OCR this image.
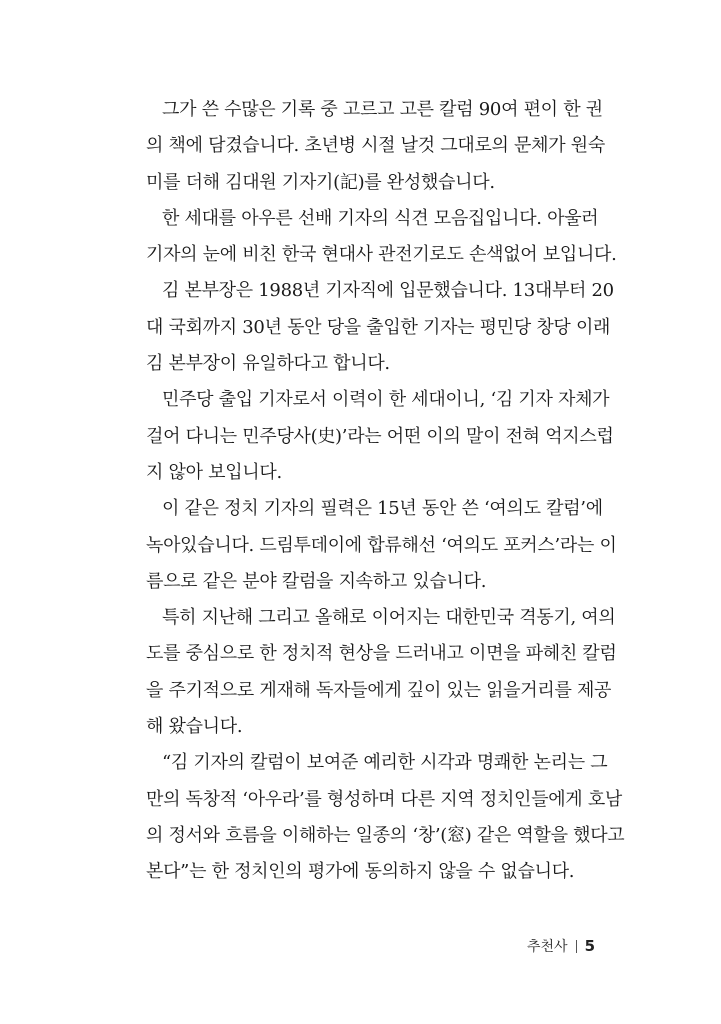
그가 쓴 수많은 기록 중 고르고 고른 칼럼 90여 편이 한 권
의 책에 담겼습니다. 초년병 시절 날것 그대로의 문체가 원숙
미를 더해 김대원 기자기(記)를 완성했습니다.
한 세대를 아우른 선배 기자의 식견 모음집입니다. 아울러
기자의 눈에 비친 한국 현대사 관전기로도 손색없어 보입니다.
김 본부장은 1988년 기자직에 입문했습니다. 13대부터 20
대 국회까지 30년 동안 당을 출입한 기자는 평민당 창당 이래
김 본부장이 유일하다고 합니다.
민주당 출입 기자로서 이력이 한 세대이니, ‘김 기자 자체가
걸어 다니는 민주당사(史)’라는 어떤 이의 말이 전혀 억지스럽
지 않아 보입니다.
이 같은 정치 기자의 필력은 15년 동안 쓴 ‘여의도 칼럼’에
녹아있습니다. 드림투데이에 합류해선 ‘여의도 포커스’라는 이
름으로 같은 분야 칼럼을 지속하고 있습니다.
특히 지난해 그리고 올해로 이어지는 대한민국 격동기, 여의
도를 중심으로 한 정치적 현상을 드러내고 이면을 파헤친 칼럼
을 주기적으로 게재해 독자들에게 깊이 있는 읽을거리를 제공
해 왔습니다.
“김 기자의 칼럼이 보여준 예리한 시각과 명쾌한 논리는 그
만의 독창적 ‘아우라’를 형성하며 다른 지역 정치인들에게 호남
의 정서와 흐름을 이해하는 일종의 ‘창’(窓) 같은 역할을 했다고
본다”는 한 정치인의 평가에 동의하지 않을 수 없습니다.
추천사 5
